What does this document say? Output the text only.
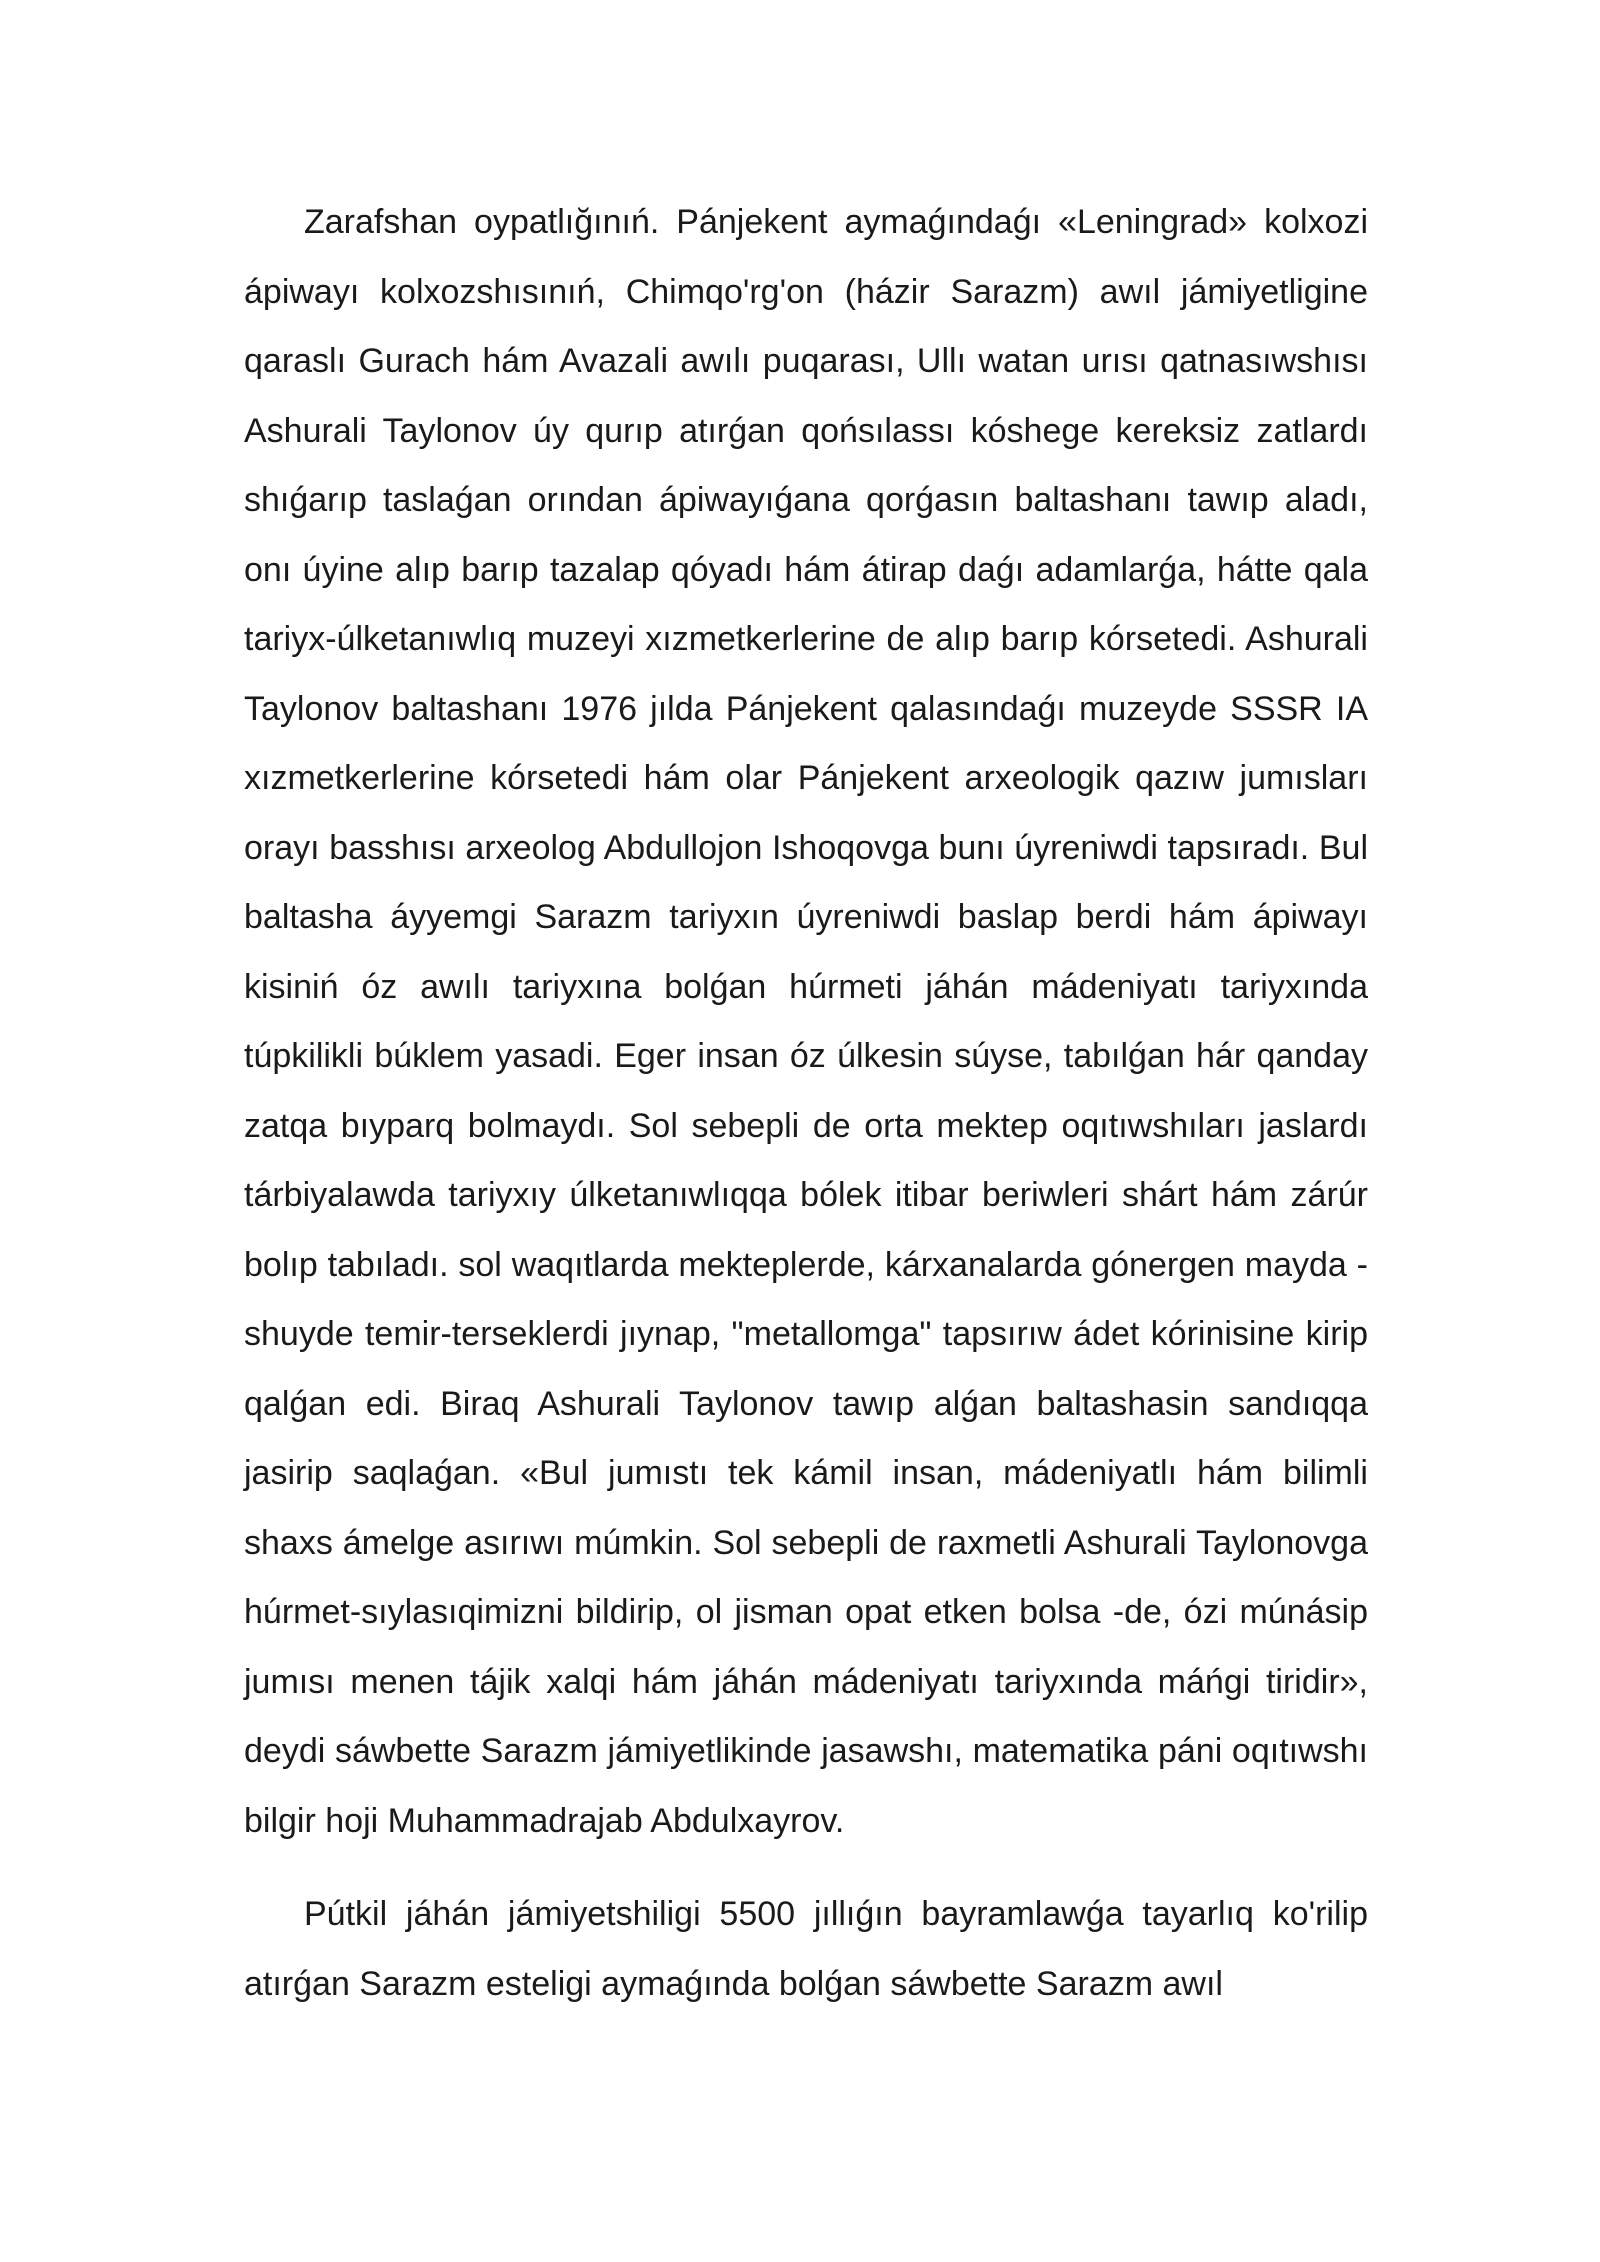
Zarafshan oypatlığınıń. Pánjekent aymaǵındaǵı «Leningrad» kolxozi ápiwayı kolxozshısınıń, Chimqo'rg'on (házir Sarazm) awıl jámiyetligine qaraslı Gurach hám Avazali awılı puqarası, Ullı watan urısı qatnasıwshısı Ashurali Taylonov úy qurıp atırǵan qońsılassı kóshege kereksiz zatlardı shıǵarıp taslaǵan orından ápiwayıǵana qorǵasın baltashanı tawıp aladı, onı úyine alıp barıp tazalap qóyadı hám átirap daǵı adamlarǵa, hátte qala tariyx-úlketanıwlıq muzeyi xızmetkerlerine de alıp barıp kórsetedi. Ashurali Taylonov baltashanı 1976 jılda Pánjekent qalasındaǵı muzeyde SSSR IA xızmetkerlerine kórsetedi hám olar Pánjekent arxeologik qazıw jumısları orayı basshısı arxeolog Abdullojon Ishoqovga bunı úyreniwdi tapsıradı. Bul baltasha áyyemgi Sarazm tariyxın úyreniwdi baslap berdi hám ápiwayı kisiniń óz awılı tariyxına bolǵan húrmeti jáhán mádeniyatı tariyxında túpkilikli búklem yasadi. Eger insan óz úlkesin súyse, tabılǵan hár qanday zatqa bıyparq bolmaydı. Sol sebepli de orta mektep oqıtıwshıları jaslardı tárbiyalawda tariyxıy úlketanıwlıqqa bólek itibar beriwleri shárt hám zárúr bolıp tabıladı. sol waqıtlarda mekteplerde, kárxanalarda gónergen mayda -shuyde temir-terseklerdi jıynap, "metallomga" tapsırıw ádet kórinisine kirip qalǵan edi. Biraq Ashurali Taylonov tawıp alǵan baltashasin sandıqqa jasirip saqlaǵan. «Bul jumıstı tek kámil insan, mádeniyatlı hám bilimli shaxs ámelge asırıwı múmkin. Sol sebepli de raxmetli Ashurali Taylonovga húrmet-sıylasıqimizni bildirip, ol jisman opat etken bolsa -de, ózi múnásip jumısı menen tájik xalqi hám jáhán mádeniyatı tariyxında máńgi tiridir», deydi sáwbette Sarazm jámiyetlikinde jasawshı, matematika páni oqıtıwshı bilgir hoji Muhammadrajab Abdulxayrov.

Pútkil jáhán jámiyetshiligi 5500 jıllıǵın bayramlawǵa tayarlıq ko'rilip atırǵan Sarazm esteligi aymaǵında bolǵan sáwbette Sarazm awıl
